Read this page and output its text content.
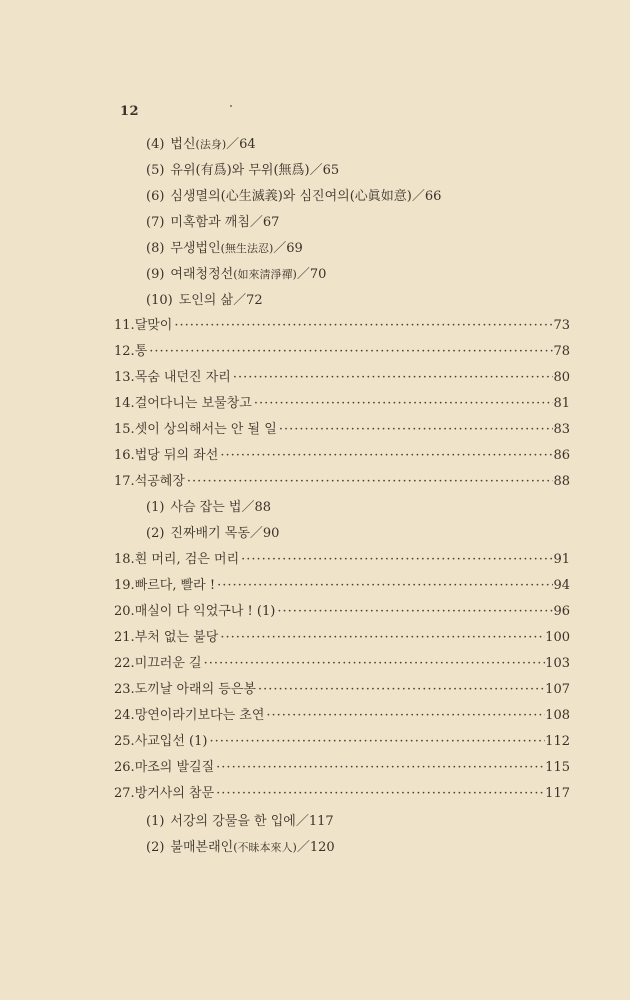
12
(4) 법신(法身)／64
(5) 유위(有爲)와 무위(無爲)／65
(6) 심생멸의(心生滅義)와 심진여의(心眞如意)／66
(7) 미혹함과 깨침／67
(8) 무생법인(無生法忍)／69
(9) 여래청정선(如來淸淨禪)／70
(10) 도인의 삶／72
11. 달맞이 ·····	73
12. 통 ·····	78
13. 목숨 내던진 자리 ·····	80
14. 걸어다니는 보물창고 ·····	81
15. 셋이 상의해서는 안 될 일 ·····	83
16. 법당 뒤의 좌선 ·····	86
17. 석공혜장 ·····	88
(1) 사슴 잡는 법／88
(2) 진짜배기 목동／90
18. 흰 머리, 검은 머리 ·····	91
19. 빠르다, 빨라 ! ·····	94
20. 매실이 다 익었구나 ! (1) ·····	96
21. 부처 없는 불당 ·····	100
22. 미끄러운 길 ·····	103
23. 도끼날 아래의 등은봉 ·····	107
24. 망연이라기보다는 초연 ·····	108
25. 사교입선 (1) ·····	112
26. 마조의 발길질 ·····	115
27. 방거사의 참문 ·····	117
(1) 서강의 강물을 한 입에／117
(2) 불매본래인(不昧本來人)／120
